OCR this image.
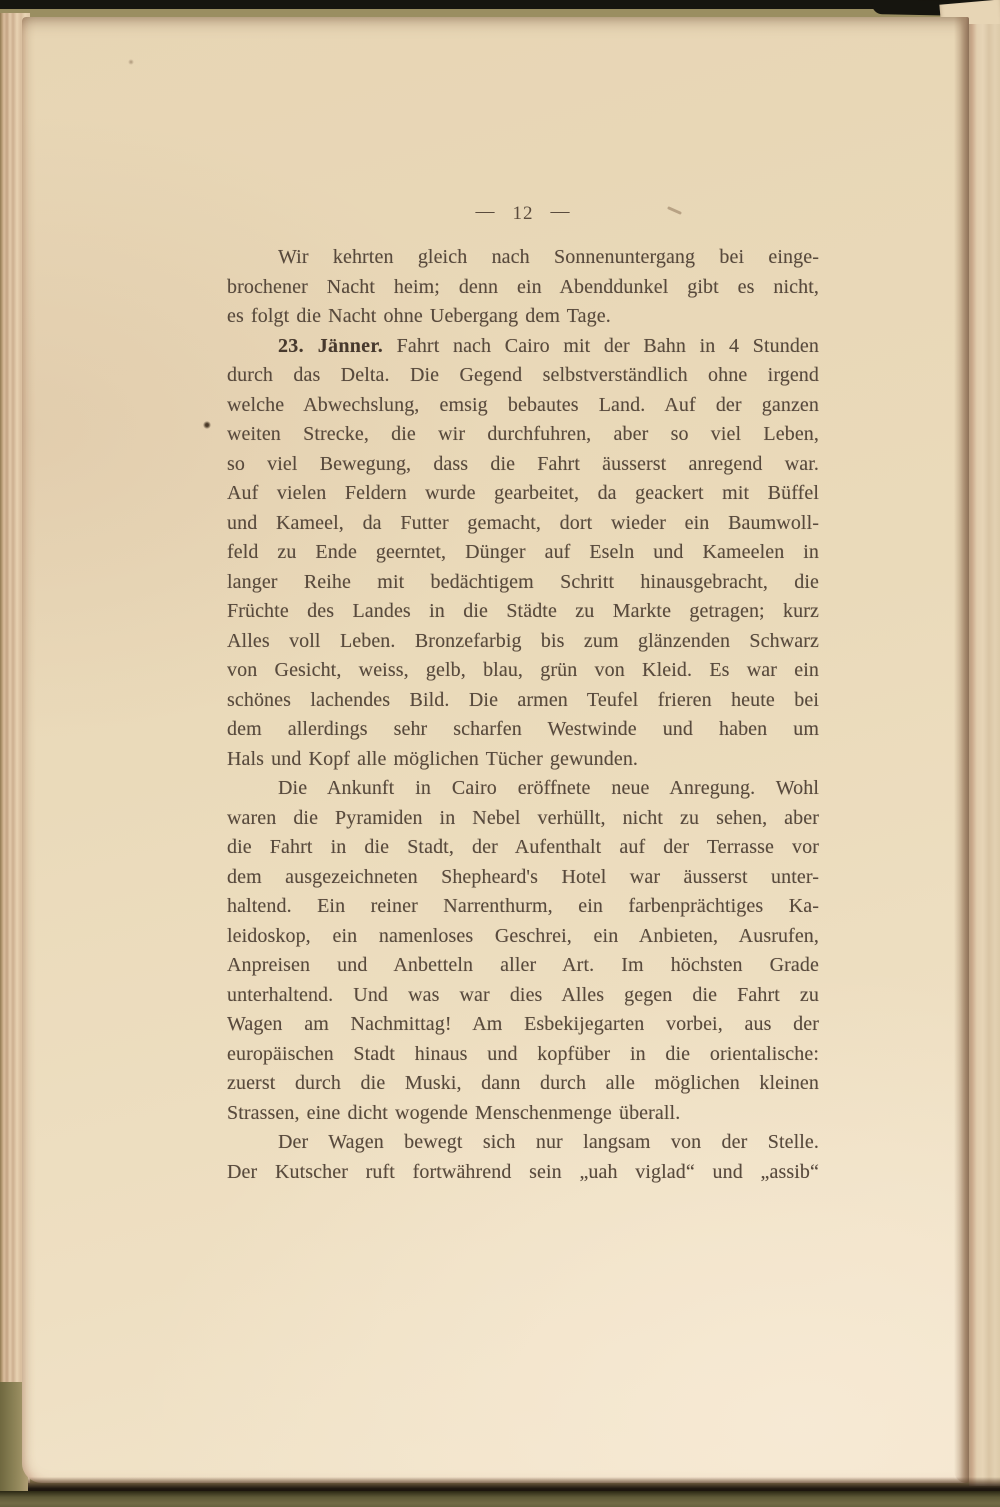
— 12 —
Wir kehrten gleich nach Sonnenuntergang bei einge-
brochener Nacht heim; denn ein Abenddunkel gibt es nicht,
es folgt die Nacht ohne Uebergang dem Tage.
23. Jänner. Fahrt nach Cairo mit der Bahn in 4 Stunden
durch das Delta. Die Gegend selbstverständlich ohne irgend
welche Abwechslung, emsig bebautes Land. Auf der ganzen
weiten Strecke, die wir durchfuhren, aber so viel Leben,
so viel Bewegung, dass die Fahrt äusserst anregend war.
Auf vielen Feldern wurde gearbeitet, da geackert mit Büffel
und Kameel, da Futter gemacht, dort wieder ein Baumwoll-
feld zu Ende geerntet, Dünger auf Eseln und Kameelen in
langer Reihe mit bedächtigem Schritt hinausgebracht, die
Früchte des Landes in die Städte zu Markte getragen; kurz
Alles voll Leben. Bronzefarbig bis zum glänzenden Schwarz
von Gesicht, weiss, gelb, blau, grün von Kleid. Es war ein
schönes lachendes Bild. Die armen Teufel frieren heute bei
dem allerdings sehr scharfen Westwinde und haben um
Hals und Kopf alle möglichen Tücher gewunden.
Die Ankunft in Cairo eröffnete neue Anregung. Wohl
waren die Pyramiden in Nebel verhüllt, nicht zu sehen, aber
die Fahrt in die Stadt, der Aufenthalt auf der Terrasse vor
dem ausgezeichneten Shepheard's Hotel war äusserst unter-
haltend. Ein reiner Narrenthurm, ein farbenprächtiges Ka-
leidoskop, ein namenloses Geschrei, ein Anbieten, Ausrufen,
Anpreisen und Anbetteln aller Art. Im höchsten Grade
unterhaltend. Und was war dies Alles gegen die Fahrt zu
Wagen am Nachmittag! Am Esbekijegarten vorbei, aus der
europäischen Stadt hinaus und kopfüber in die orientalische:
zuerst durch die Muski, dann durch alle möglichen kleinen
Strassen, eine dicht wogende Menschenmenge überall.
Der Wagen bewegt sich nur langsam von der Stelle.
Der Kutscher ruft fortwährend sein „uah viglad“ und „assib“
